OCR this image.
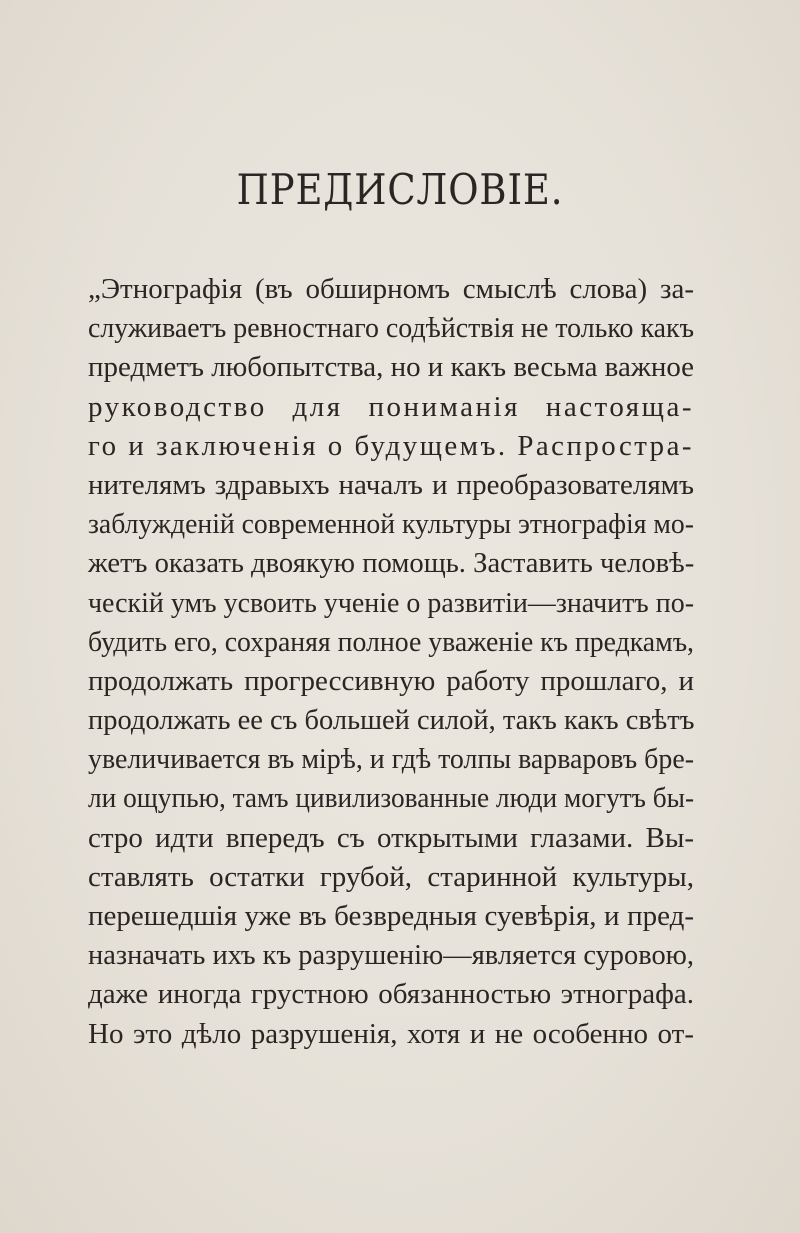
ПРЕДИСЛОВІЕ.
„Этнографія (въ обширномъ смыслѣ слова) за-
служиваетъ ревностнаго содѣйствія не только какъ
предметъ любопытства, но и какъ весьма важное
руководство для пониманія настояща-
го и заключенія о будущемъ. Распростра-
нителямъ здравыхъ началъ и преобразователямъ
заблужденій современной культуры этнографія мо-
жетъ оказать двоякую помощь. Заставить человѣ-
ческій умъ усвоить ученіе о развитіи—значитъ по-
будить его, сохраняя полное уваженіе къ предкамъ,
продолжать прогрессивную работу прошлаго, и
продолжать ее съ большей силой, такъ какъ свѣтъ
увеличивается въ мірѣ, и гдѣ толпы варваровъ бре-
ли ощупью, тамъ цивилизованные люди могутъ бы-
стро идти впередъ съ открытыми глазами. Вы-
ставлять остатки грубой, старинной культуры,
перешедшія уже въ безвредныя суевѣрія, и пред-
назначать ихъ къ разрушенію—является суровою,
даже иногда грустною обязанностью этнографа.
Но это дѣло разрушенія, хотя и не особенно от-
